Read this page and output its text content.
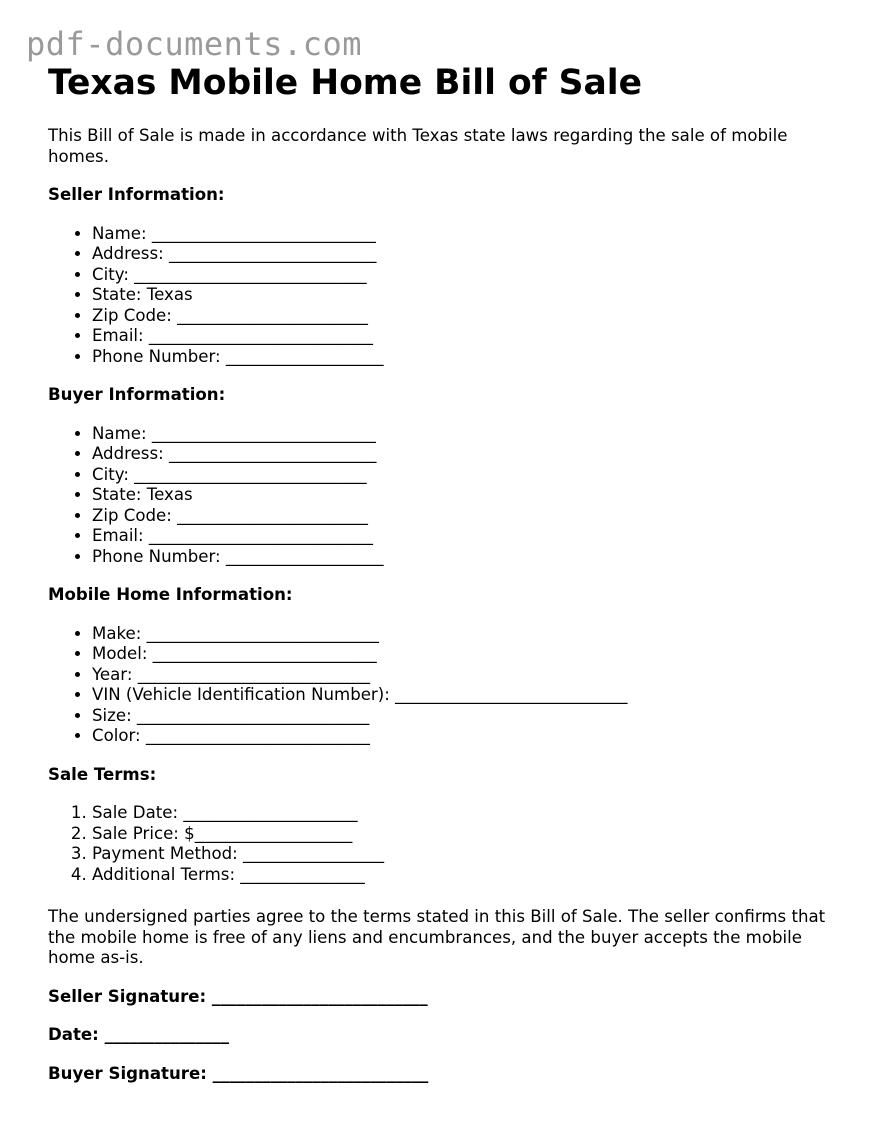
pdf-documents.com
Texas Mobile Home Bill of Sale

This Bill of Sale is made in accordance with Texas state laws regarding the sale of mobile homes.

Seller Information:
• Name: ___________________________
• Address: _________________________
• City: ____________________________
• State: Texas
• Zip Code: _______________________
• Email: ___________________________
• Phone Number: ___________________
Buyer Information:
• Name: ___________________________
• Address: _________________________
• City: ____________________________
• State: Texas
• Zip Code: _______________________
• Email: ___________________________
• Phone Number: ___________________
Mobile Home Information:
• Make: ____________________________
• Model: ___________________________
• Year: ____________________________
• VIN (Vehicle Identification Number): ____________________________
• Size: ____________________________
• Color: ___________________________
Sale Terms:
1. Sale Date: _____________________
2. Sale Price: $___________________
3. Payment Method: _________________
4. Additional Terms: _______________

The undersigned parties agree to the terms stated in this Bill of Sale. The seller confirms that the mobile home is free of any liens and encumbrances, and the buyer accepts the mobile home as-is.

Seller Signature: __________________________
Date: _______________
Buyer Signature: __________________________
